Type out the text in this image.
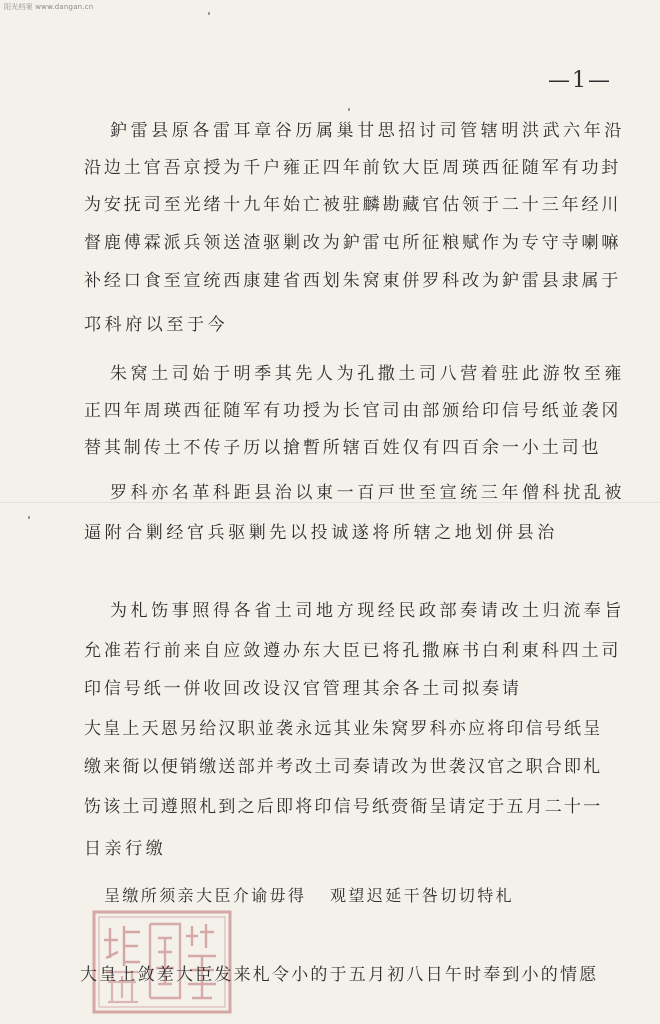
阳光档案 www.dangan.cn
—1—
鈩雷县原各雷耳章谷历属巢甘思招讨司管辖明洪武六年沿
沿边土官吾京授为千户雍正四年前钦大臣周瑛西征随军有功封
为安抚司至光绪十九年始亡被驻麟勘藏官估领于二十三年经川
督鹿傅霖派兵领送渣驱剿改为鈩雷屯所征粮赋作为专守寺喇嘛
补经口食至宣统西康建省西划朱窝東併罗科改为鈩雷县隶属于
邛科府以至于今
朱窝土司始于明季其先人为孔撒土司八营着驻此游牧至雍
正四年周瑛西征随军有功授为长官司由部颁给印信号纸並袭冈
替其制传土不传子历以搶暫所辖百姓仅有四百余一小土司也
罗科亦名革科距县治以東一百戸世至宣统三年僧科扰乱被
逼附合剿经官兵驱剿先以投诚遂将所辖之地划併县治
为札饬事照得各省土司地方现经民政部奏请改土归流奉旨
允准若行前来自应敛遵办东大臣已将孔撒麻书白利東科四土司
印信号纸一併收回改设汉官管理其余各土司拟奏请
大皇上天恩另给汉职並袭永远其业朱窝罗科亦应将印信号纸呈
缴来衙以便销缴送部并考改土司奏请改为世袭汉官之职合即札
饬该土司遵照札到之后即将印信号纸赍衙呈请定于五月二十一
日亲行缴
呈缴所须亲大臣介谕毋得 观望迟延干咎切切特札
大皇上敛差大臣发来札令小的于五月初八日午时奉到小的情愿
